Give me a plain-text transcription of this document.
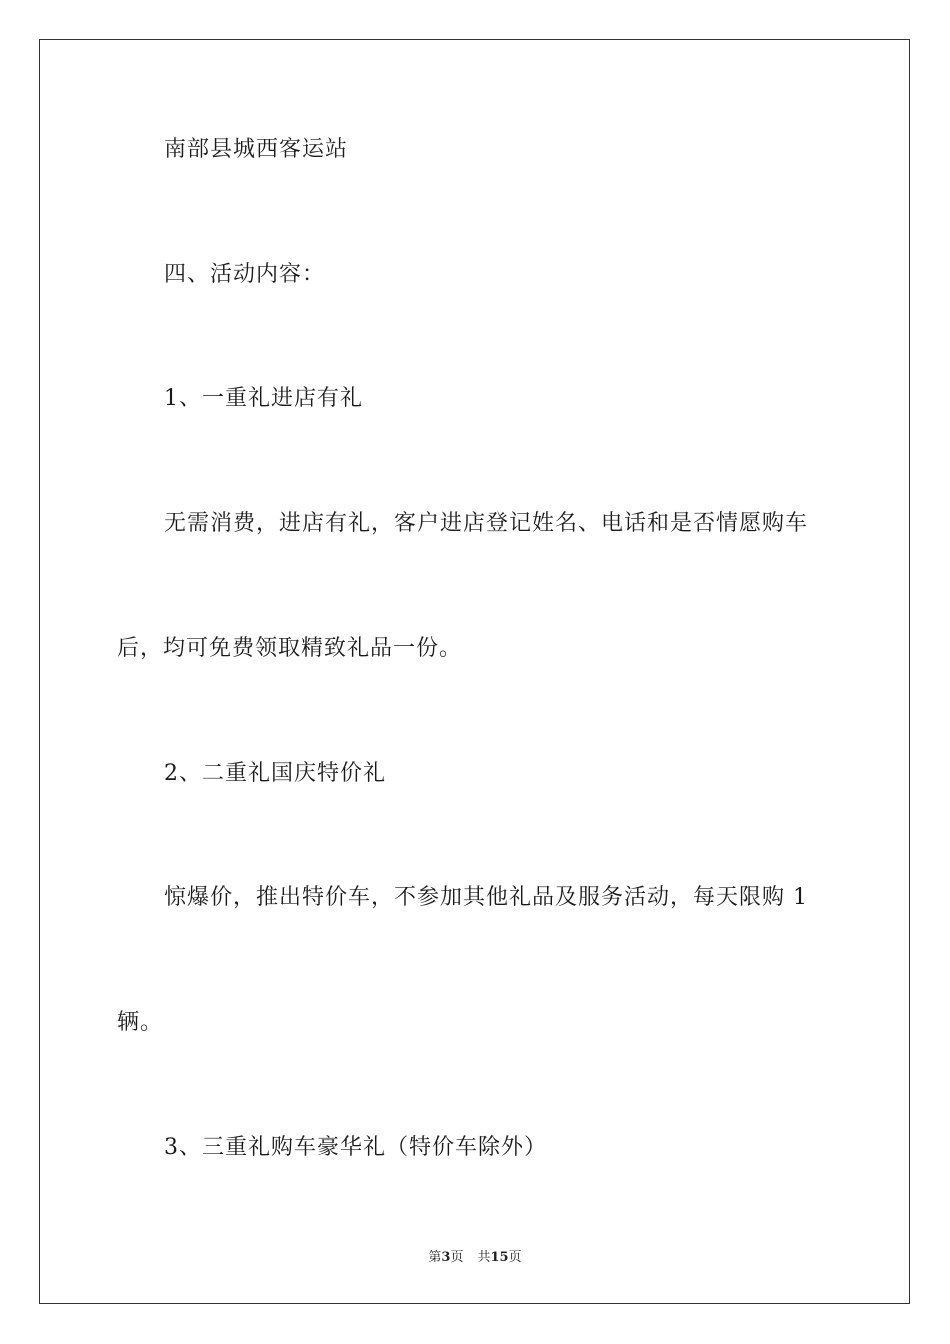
南部县城西客运站
四、活动内容：
1、一重礼进店有礼
无需消费，进店有礼，客户进店登记姓名、电话和是否情愿购车
后，均可免费领取精致礼品一份。
2、二重礼国庆特价礼
惊爆价，推出特价车，不参加其他礼品及服务活动，每天限购 1
辆。
3、三重礼购车豪华礼（特价车除外）
第3页 共15页
